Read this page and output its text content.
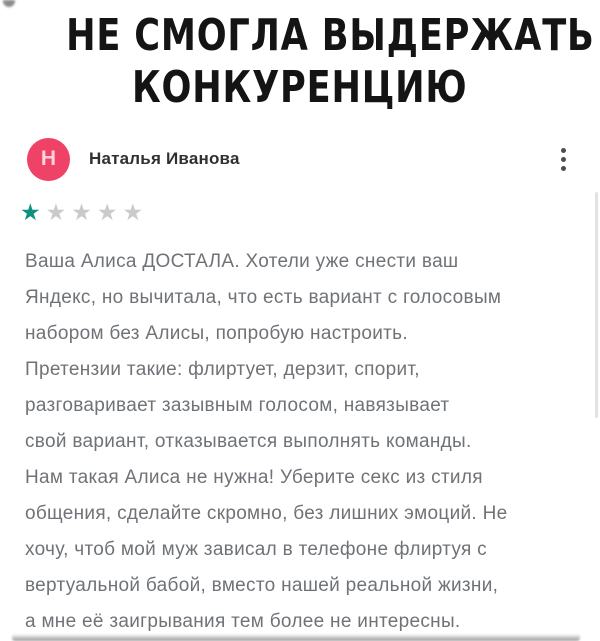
НЕ СМОГЛА ВЫДЕРЖАТЬ
КОНКУРЕНЦИЮ
Н Наталья Иванова
★★★★★
Ваша Алиса ДОСТАЛА. Хотели уже снести ваш
Яндекс, но вычитала, что есть вариант с голосовым
набором без Алисы, попробую настроить.
Претензии такие: флиртует, дерзит, спорит,
разговаривает зазывным голосом, навязывает
свой вариант, отказывается выполнять команды.
Нам такая Алиса не нужна! Уберите секс из стиля
общения, сделайте скромно, без лишних эмоций. Не
хочу, чтоб мой муж зависал в телефоне флиртуя с
вертуальной бабой, вместо нашей реальной жизни,
а мне её заигрывания тем более не интересны.
